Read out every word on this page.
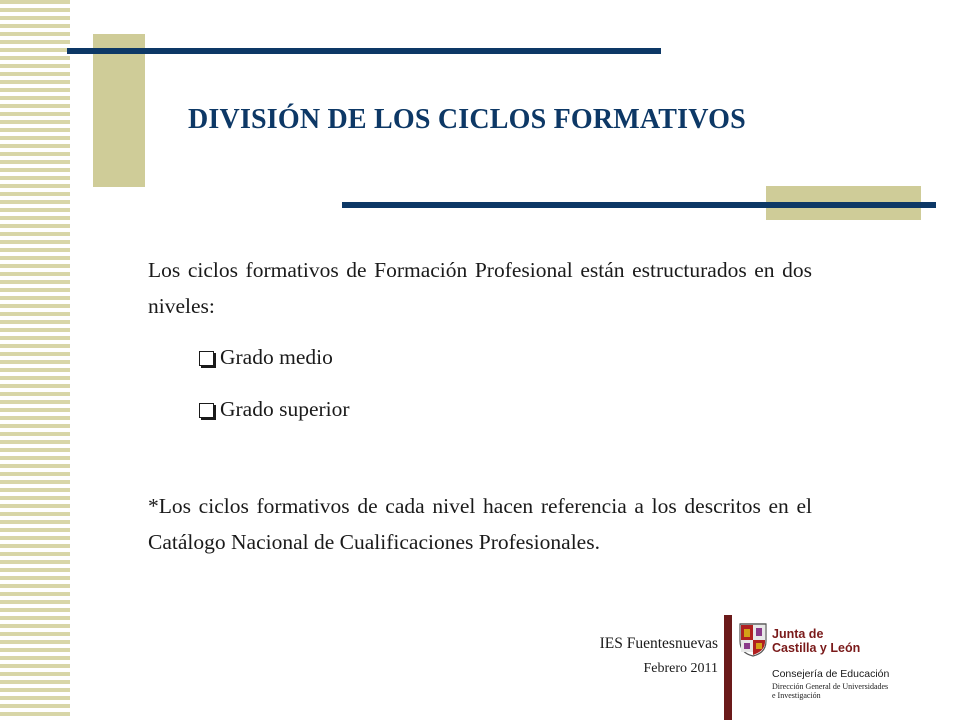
DIVISIÓN DE LOS CICLOS FORMATIVOS
Los ciclos formativos de Formación Profesional están estructurados en dos niveles:
Grado medio
Grado superior
*Los ciclos formativos de cada nivel hacen referencia a los descritos en el Catálogo Nacional de Cualificaciones Profesionales.
IES Fuentesnuevas
Febrero 2011
Junta de
Castilla y León
Consejería de Educación
Dirección General de Universidades
e Investigación
